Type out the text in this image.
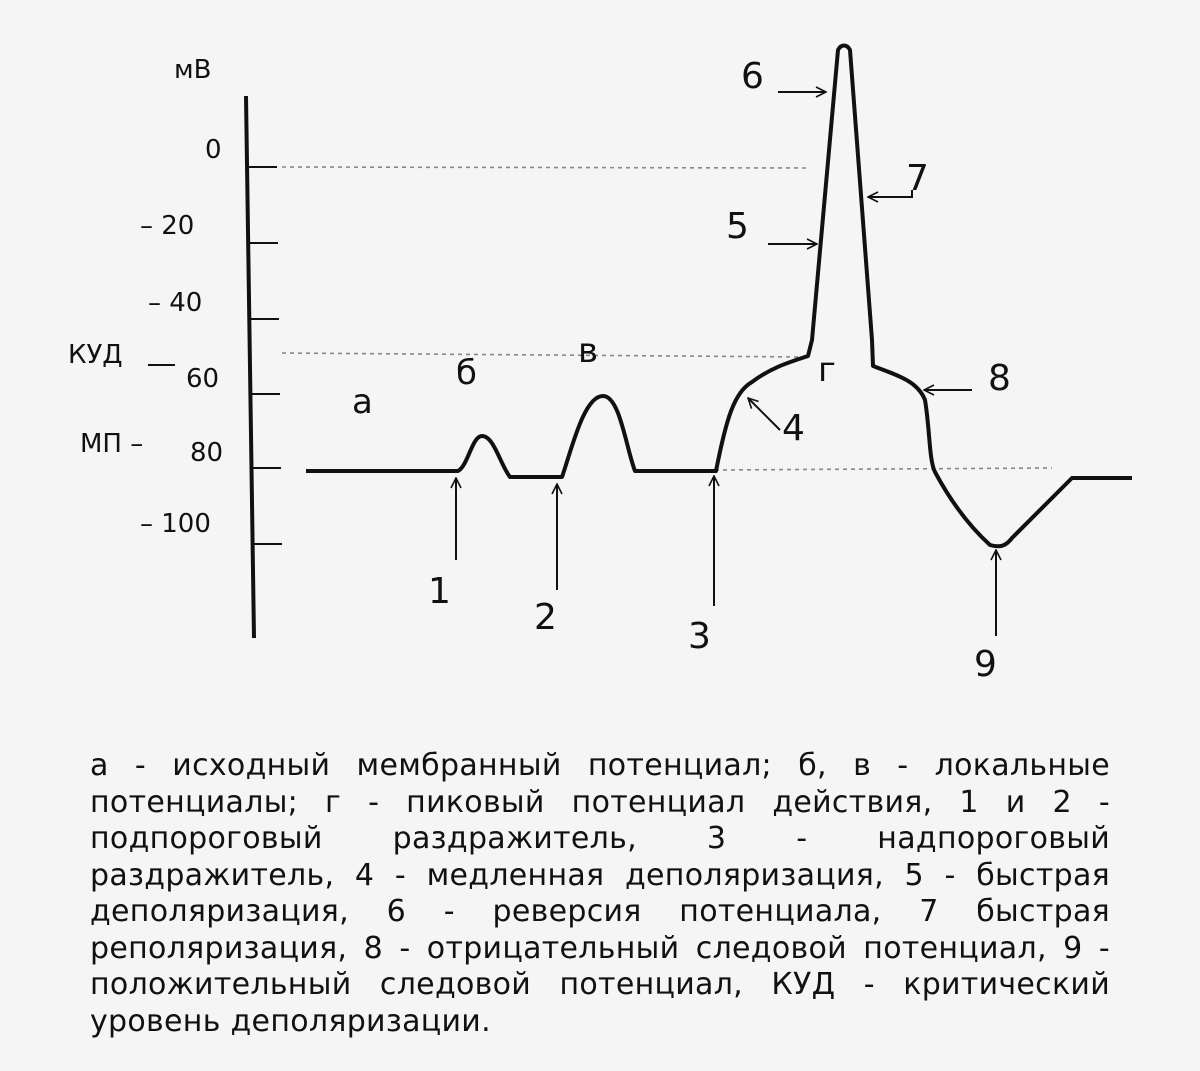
мВ
0
– 20
– 40
КУД
60
МП – 80
– 100
а
б
в	г
1
2	3
4
5
6
7
8
9

а - исходный мембранный потенциал; б, в - локальные потенциалы; г - пиковый потенциал действия, 1 и 2 - подпороговый раздражитель, 3 - надпороговый раздражитель, 4 - медленная деполяризация, 5 - быстрая деполяризация, 6 - реверсия потенциала, 7 быстрая реполяризация, 8 - отрицательный следовой потенциал, 9 - положительный следовой потенциал, КУД - критический уровень деполяризации.
